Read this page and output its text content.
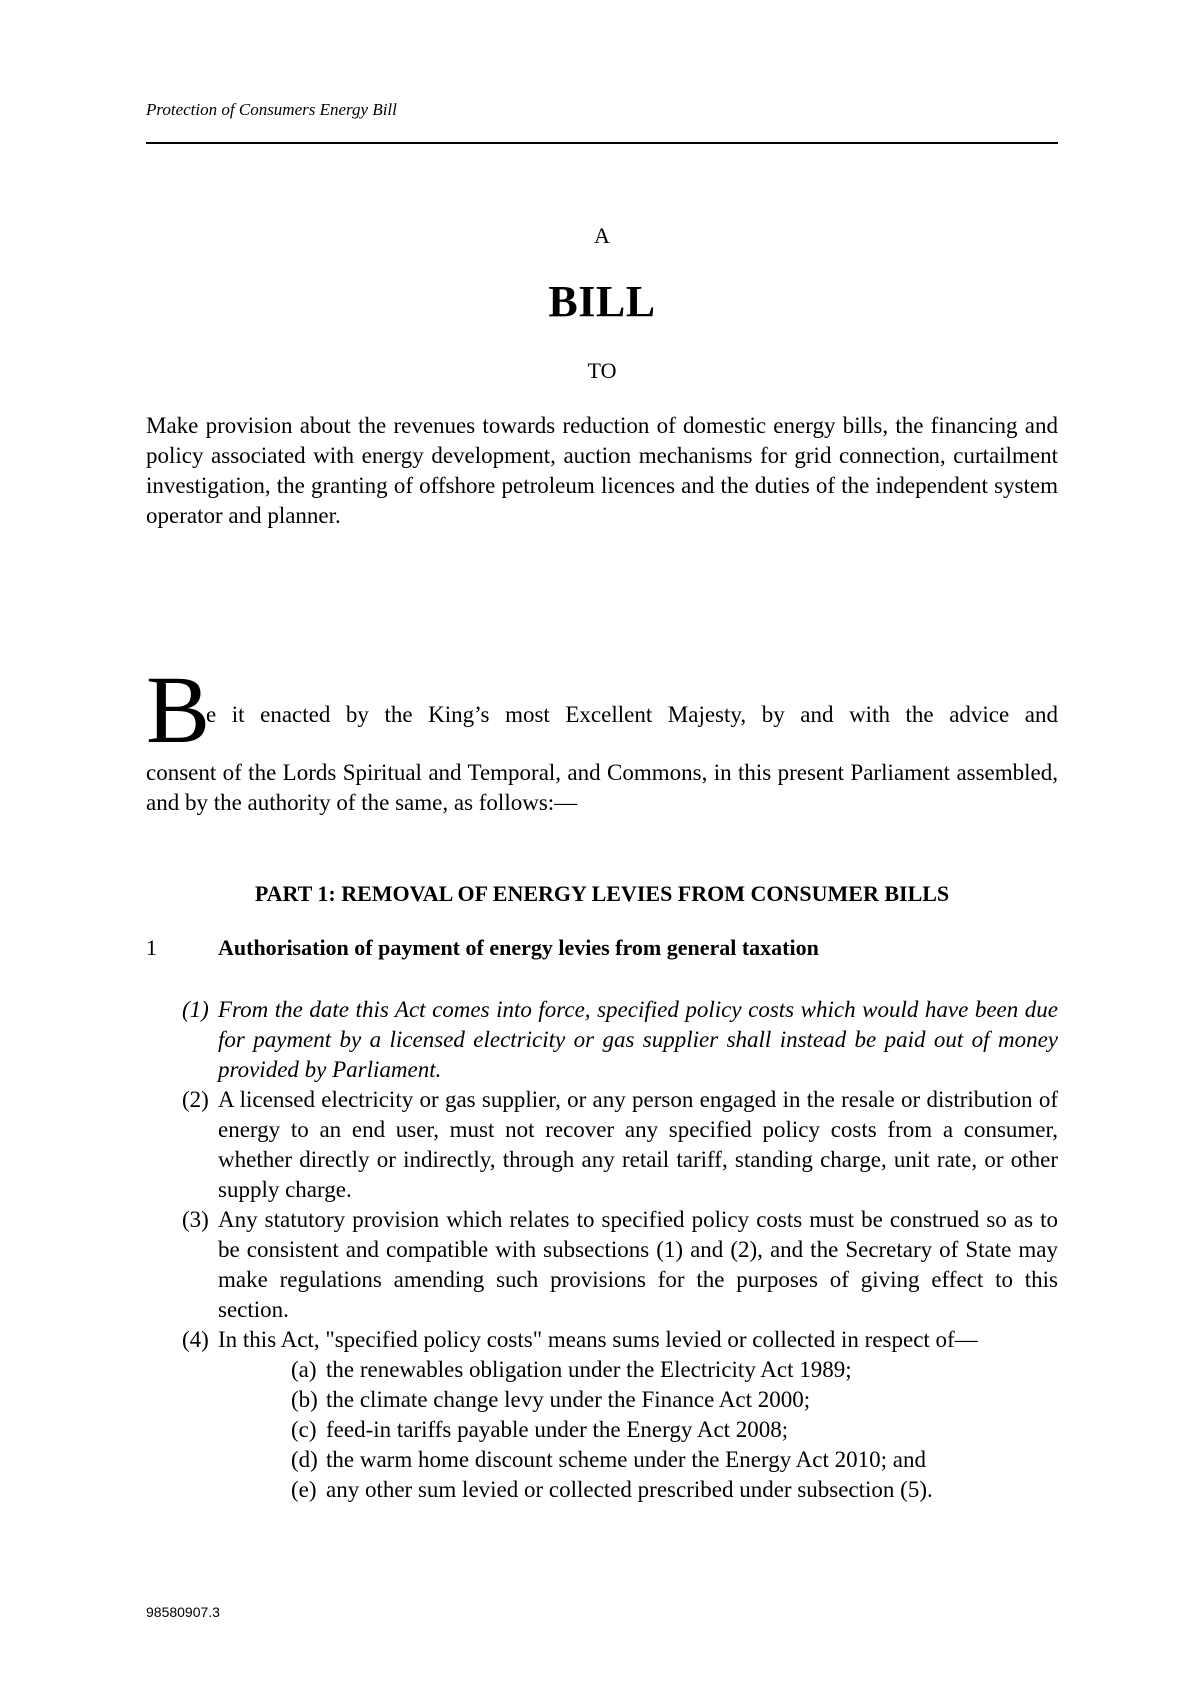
Protection of Consumers Energy Bill
A
BILL
TO
Make provision about the revenues towards reduction of domestic energy bills, the financing and policy associated with energy development, auction mechanisms for grid connection, curtailment investigation, the granting of offshore petroleum licences and the duties of the independent system operator and planner.
B
e it enacted by the King’s most Excellent Majesty, by and with the advice and
consent of the Lords Spiritual and Temporal, and Commons, in this present Parliament assembled, and by the authority of the same, as follows:—
PART 1: REMOVAL OF ENERGY LEVIES FROM CONSUMER BILLS
1	Authorisation of payment of energy levies from general taxation
(1) From the date this Act comes into force, specified policy costs which would have been due for payment by a licensed electricity or gas supplier shall instead be paid out of money provided by Parliament.
(2) A licensed electricity or gas supplier, or any person engaged in the resale or distribution of energy to an end user, must not recover any specified policy costs from a consumer, whether directly or indirectly, through any retail tariff, standing charge, unit rate, or other supply charge.
(3) Any statutory provision which relates to specified policy costs must be construed so as to be consistent and compatible with subsections (1) and (2), and the Secretary of State may make regulations amending such provisions for the purposes of giving effect to this section.
(4) In this Act, "specified policy costs" means sums levied or collected in respect of—
(a) the renewables obligation under the Electricity Act 1989;
(b) the climate change levy under the Finance Act 2000;
(c) feed-in tariffs payable under the Energy Act 2008;
(d) the warm home discount scheme under the Energy Act 2010; and
(e) any other sum levied or collected prescribed under subsection (5).
98580907.3
